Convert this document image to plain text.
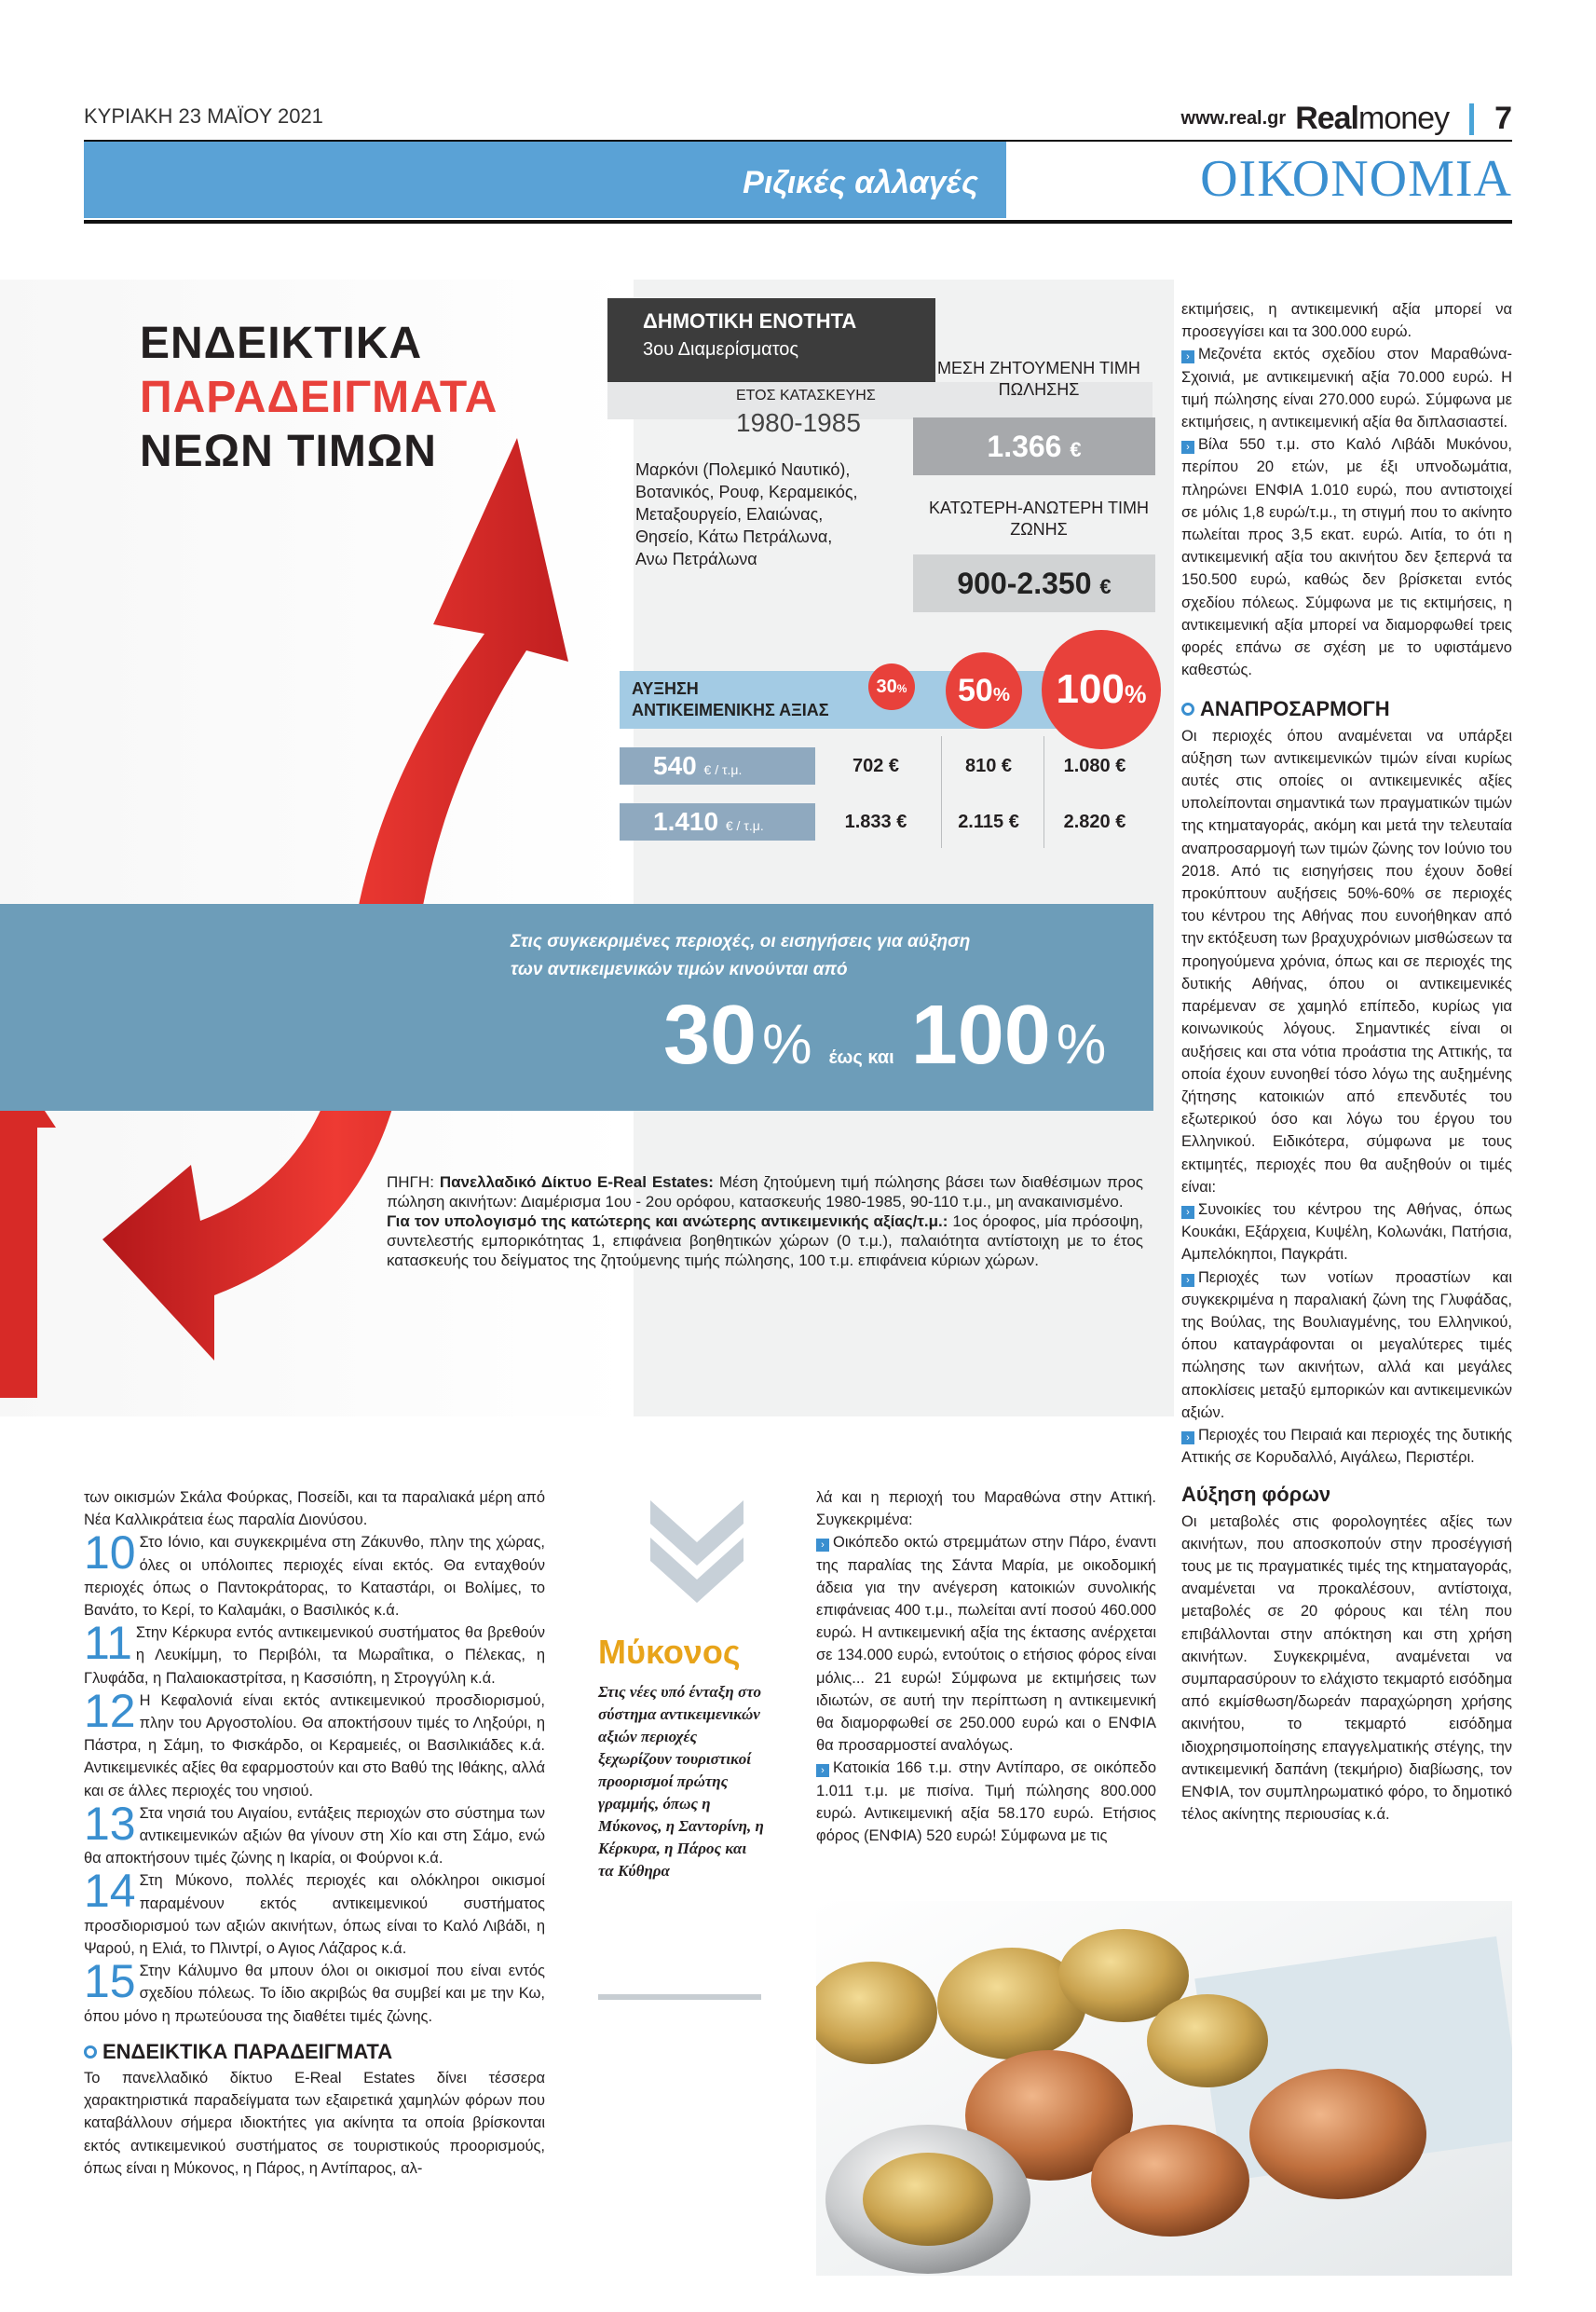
ΚΥΡΙΑΚΗ 23 ΜΑΪΟΥ 2021	www.real.gr Realmoney 7
Ριζικές αλλαγές	ΟΙΚΟΝΟΜΙΑ
ΕΝΔΕΙΚΤΙΚΑ
ΠΑΡΑΔΕΙΓΜΑΤΑ
ΝΕΩΝ ΤΙΜΩΝ
ΔΗΜΟΤΙΚΗ ΕΝΟΤΗΤΑ
3ου Διαμερίσματος
ΕΤΟΣ ΚΑΤΑΣΚΕΥΗΣ
1980-1985
ΜΕΣΗ ΖΗΤΟΥΜΕΝΗ ΤΙΜΗ ΠΩΛΗΣΗΣ
1.366 €
ΚΑΤΩΤΕΡΗ-ΑΝΩΤΕΡΗ ΤΙΜΗ ΖΩΝΗΣ
900-2.350 €
Μαρκόνι (Πολεμικό Ναυτικό), Βοτανικός, Ρουφ, Κεραμεικός, Μεταξουργείο, Ελαιώνας, Θησείο, Κάτω Πετράλωνα, Ανω Πετράλωνα
ΑΥΞΗΣΗ
ΑΝΤΙΚΕΙΜΕΝΙΚΗΣ ΑΞΙΑΣ
30%	50%	100%
540 € / τ.μ.	702 €	810 €	1.080 €
1.410 € / τ.μ.	1.833 €	2.115 €	2.820 €
Στις συγκεκριμένες περιοχές, οι εισηγήσεις για αύξηση
των αντικειμενικών τιμών κινούνται από
30 % έως και 100 %
ΠΗΓΗ: Πανελλαδικό Δίκτυο E-Real Estates: Μέση ζητούμενη τιμή πώλησης βάσει των διαθέσιμων προς πώληση ακινήτων: Διαμέρισμα 1ου - 2ου ορόφου, κατασκευής 1980-1985, 90-110 τ.μ., μη ανακαινισμένο.
Για τον υπολογισμό της κατώτερης και ανώτερης αντικειμενικής αξίας/τ.μ.: 1ος όροφος, μία πρόσοψη, συντελεστής εμπορικότητας 1, επιφάνεια βοηθητικών χώρων (0 τ.μ.), παλαιότητα αντίστοιχη με το έτος κατασκευής του δείγματος της ζητούμενης τιμής πώλησης, 100 τ.μ. επιφάνεια κύριων χώρων.

εκτιμήσεις, η αντικειμενική αξία μπορεί να προσεγγίσει και τα 300.000 ευρώ.

› Μεζονέτα εκτός σχεδίου στον Μαραθώνα-Σχοινιά, με αντικειμενική αξία 70.000 ευρώ. Η τιμή πώλησης είναι 270.000 ευρώ. Σύμφωνα με εκτιμήσεις, η αντικειμενική αξία θα διπλασιαστεί.

› Βίλα 550 τ.μ. στο Καλό Λιβάδι Μυκόνου, περίπου 20 ετών, με έξι υπνοδωμάτια, πληρώνει ΕΝΦΙΑ 1.010 ευρώ, που αντιστοιχεί σε μόλις 1,8 ευρώ/τ.μ., τη στιγμή που το ακίνητο πωλείται προς 3,5 εκατ. ευρώ. Αιτία, το ότι η αντικειμενική αξία του ακινήτου δεν ξεπερνά τα 150.500 ευρώ, καθώς δεν βρίσκεται εντός σχεδίου πόλεως. Σύμφωνα με τις εκτιμήσεις, η αντικειμενική αξία μπορεί να διαμορφωθεί τρεις φορές επάνω σε σχέση με το υφιστάμενο καθεστώς.

ΑΝΑΠΡΟΣΑΡΜΟΓΗ

Οι περιοχές όπου αναμένεται να υπάρξει αύξηση των αντικειμενικών τιμών είναι κυρίως αυτές στις οποίες οι αντικειμενικές αξίες υπολείπονται σημαντικά των πραγματικών τιμών της κτηματαγοράς, ακόμη και μετά την τελευταία αναπροσαρμογή των τιμών ζώνης τον Ιούνιο του 2018. Από τις εισηγήσεις που έχουν δοθεί προκύπτουν αυξήσεις 50%-60% σε περιοχές του κέντρου της Αθήνας που ευνοήθηκαν από την εκτόξευση των βραχυχρόνιων μισθώσεων τα προηγούμενα χρόνια, όπως και σε περιοχές της δυτικής Αθήνας, όπου οι αντικειμενικές παρέμεναν σε χαμηλό επίπεδο, κυρίως για κοινωνικούς λόγους. Σημαντικές είναι οι αυξήσεις και στα νότια προάστια της Αττικής, τα οποία έχουν ευνοηθεί τόσο λόγω της αυξημένης ζήτησης κατοικιών από επενδυτές του εξωτερικού όσο και λόγω του έργου του Ελληνικού. Ειδικότερα, σύμφωνα με τους εκτιμητές, περιοχές που θα αυξηθούν οι τιμές είναι:

› Συνοικίες του κέντρου της Αθήνας, όπως Κουκάκι, Εξάρχεια, Κυψέλη, Κολωνάκι, Πατήσια, Αμπελόκηποι, Παγκράτι.

› Περιοχές των νοτίων προαστίων και συγκεκριμένα η παραλιακή ζώνη της Γλυφάδας, της Βούλας, της Βουλιαγμένης, του Ελληνικού, όπου καταγράφονται οι μεγαλύτερες τιμές πώλησης των ακινήτων, αλλά και μεγάλες αποκλίσεις μεταξύ εμπορικών και αντικειμενικών αξιών.

› Περιοχές του Πειραιά και περιοχές της δυτικής Αττικής σε Κορυδαλλό, Αιγάλεω, Περιστέρι.

Αύξηση φόρων

Οι μεταβολές στις φορολογητέες αξίες των ακινήτων, που αποσκοπούν στην προσέγγισή τους με τις πραγματικές τιμές της κτηματαγοράς, αναμένεται να προκαλέσουν, αντίστοιχα, μεταβολές σε 20 φόρους και τέλη που επιβάλλονται στην απόκτηση και στη χρήση ακινήτων. Συγκεκριμένα, αναμένεται να συμπαρασύρουν το ελάχιστο τεκμαρτό εισόδημα από εκμίσθωση/δωρεάν παραχώρηση χρήσης ακινήτου, το τεκμαρτό εισόδημα ιδιοχρησιμοποίησης επαγγελματικής στέγης, την αντικειμενική δαπάνη (τεκμήριο) διαβίωσης, τον ΕΝΦΙΑ, τον συμπληρωματικό φόρο, το δημοτικό τέλος ακίνητης περιουσίας κ.ά.

των οικισμών Σκάλα Φούρκας, Ποσείδι, και τα παραλιακά μέρη από Νέα Καλλικράτεια έως παραλία Διονύσου.

10 Στο Ιόνιο, και συγκεκριμένα στη Ζάκυνθο, πλην της χώρας, όλες οι υπόλοιπες περιοχές είναι εκτός. Θα ενταχθούν περιοχές όπως ο Παντοκράτορας, το Καταστάρι, οι Βολίμες, το Βανάτο, το Κερί, το Καλαμάκι, ο Βασιλικός κ.ά.

11 Στην Κέρκυρα εντός αντικειμενικού συστήματος θα βρεθούν η Λευκίμμη, το Περιβόλι, τα Μωραΐτικα, ο Πέλεκας, η Γλυφάδα, η Παλαιοκαστρίτσα, η Κασσιόπη, η Στρογγύλη κ.ά.

12 Η Κεφαλονιά είναι εκτός αντικειμενικού προσδιορισμού, πλην του Αργοστολίου. Θα αποκτήσουν τιμές το Ληξούρι, η Πάστρα, η Σάμη, το Φισκάρδο, οι Κεραμειές, οι Βασιλικιάδες κ.ά. Αντικειμενικές αξίες θα εφαρμοστούν και στο Βαθύ της Ιθάκης, αλλά και σε άλλες περιοχές του νησιού.

13 Στα νησιά του Αιγαίου, εντάξεις περιοχών στο σύστημα των αντικειμενικών αξιών θα γίνουν στη Χίο και στη Σάμο, ενώ θα αποκτήσουν τιμές ζώνης η Ικαρία, οι Φούρνοι κ.ά.

14 Στη Μύκονο, πολλές περιοχές και ολόκληροι οικισμοί παραμένουν εκτός αντικειμενικού συστήματος προσδιορισμού των αξιών ακινήτων, όπως είναι το Καλό Λιβάδι, η Ψαρού, η Ελιά, το Πλιντρί, ο Αγιος Λάζαρος κ.ά.

15 Στην Κάλυμνο θα μπουν όλοι οι οικισμοί που είναι εντός σχεδίου πόλεως. Το ίδιο ακριβώς θα συμβεί και με την Κω, όπου μόνο η πρωτεύουσα της διαθέτει τιμές ζώνης.

ΕΝΔΕΙΚΤΙΚΑ ΠΑΡΑΔΕΙΓΜΑΤΑ

Το πανελλαδικό δίκτυο E-Real Estates δίνει τέσσερα χαρακτηριστικά παραδείγματα των εξαιρετικά χαμηλών φόρων που καταβάλλουν σήμερα ιδιοκτήτες για ακίνητα τα οποία βρίσκονται εκτός αντικειμενικού συστήματος σε τουριστικούς προορισμούς, όπως είναι η Μύκονος, η Πάρος, η Αντίπαρος, αλ-

Μύκονος
Στις νέες υπό ένταξη στο σύστημα αντικειμενικών αξιών περιοχές ξεχωρίζουν τουριστικοί προορισμοί πρώτης γραμμής, όπως η Μύκονος, η Σαντορίνη, η Κέρκυρα, η Πάρος και τα Κύθηρα

λά και η περιοχή του Μαραθώνα στην Αττική. Συγκεκριμένα:

› Οικόπεδο οκτώ στρεμμάτων στην Πάρο, έναντι της παραλίας της Σάντα Μαρία, με οικοδομική άδεια για την ανέγερση κατοικιών συνολικής επιφάνειας 400 τ.μ., πωλείται αντί ποσού 460.000 ευρώ. Η αντικειμενική αξία της έκτασης ανέρχεται σε 134.000 ευρώ, εντούτοις ο ετήσιος φόρος είναι μόλις... 21 ευρώ! Σύμφωνα με εκτιμήσεις των ιδιωτών, σε αυτή την περίπτωση η αντικειμενική θα διαμορφωθεί σε 250.000 ευρώ και ο ΕΝΦΙΑ θα προσαρμοστεί αναλόγως.

› Κατοικία 166 τ.μ. στην Αντίπαρο, σε οικόπεδο 1.011 τ.μ. με πισίνα. Τιμή πώλησης 800.000 ευρώ. Αντικειμενική αξία 58.170 ευρώ. Ετήσιος φόρος (ΕΝΦΙΑ) 520 ευρώ! Σύμφωνα με τις
